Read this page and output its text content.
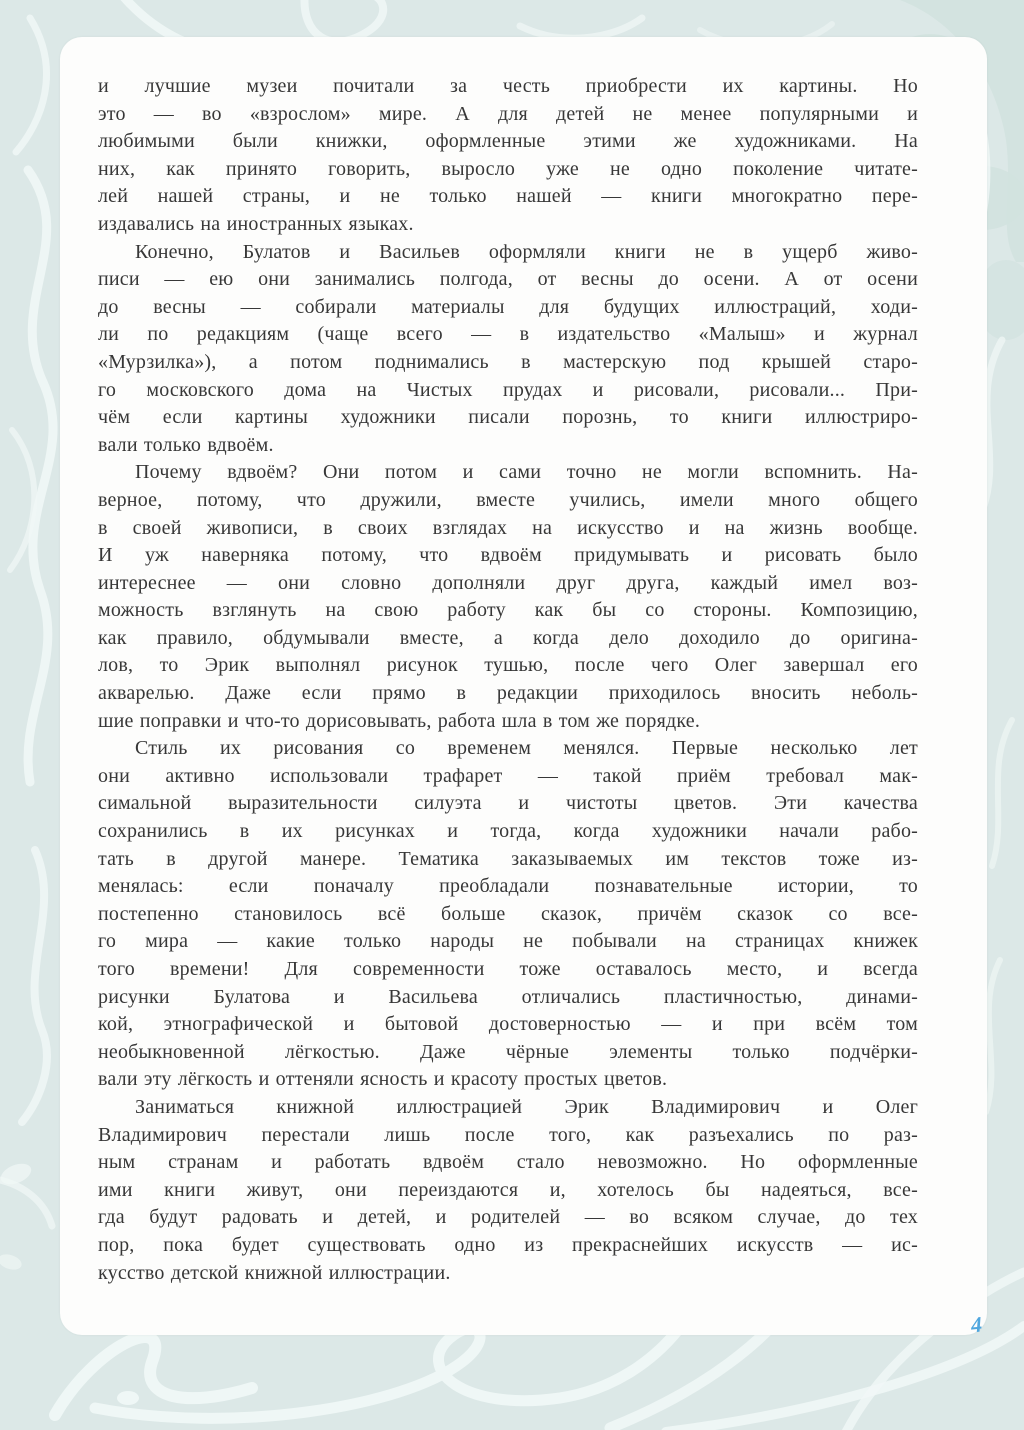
и лучшие музеи почитали за честь приобрести их картины. Но
это — во «взрослом» мире. А для детей не менее популярными и
любимыми были книжки, оформленные этими же художниками. На
них, как принято говорить, выросло уже не одно поколение читате-
лей нашей страны, и не только нашей — книги многократно пере-
издавались на иностранных языках.
Конечно, Булатов и Васильев оформляли книги не в ущерб живо-
писи — ею они занимались полгода, от весны до осени. А от осени
до весны — собирали материалы для будущих иллюстраций, ходи-
ли по редакциям (чаще всего — в издательство «Малыш» и журнал
«Мурзилка»), а потом поднимались в мастерскую под крышей старо-
го московского дома на Чистых прудах и рисовали, рисовали... При-
чём если картины художники писали порознь, то книги иллюстриро-
вали только вдвоём.
Почему вдвоём? Они потом и сами точно не могли вспомнить. На-
верное, потому, что дружили, вместе учились, имели много общего
в своей живописи, в своих взглядах на искусство и на жизнь вообще.
И уж наверняка потому, что вдвоём придумывать и рисовать было
интереснее — они словно дополняли друг друга, каждый имел воз-
можность взглянуть на свою работу как бы со стороны. Композицию,
как правило, обдумывали вместе, а когда дело доходило до оригина-
лов, то Эрик выполнял рисунок тушью, после чего Олег завершал его
акварелью. Даже если прямо в редакции приходилось вносить неболь-
шие поправки и что-то дорисовывать, работа шла в том же порядке.
Стиль их рисования со временем менялся. Первые несколько лет
они активно использовали трафарет — такой приём требовал мак-
симальной выразительности силуэта и чистоты цветов. Эти качества
сохранились в их рисунках и тогда, когда художники начали рабо-
тать в другой манере. Тематика заказываемых им текстов тоже из-
менялась: если поначалу преобладали познавательные истории, то
постепенно становилось всё больше сказок, причём сказок со все-
го мира — какие только народы не побывали на страницах книжек
того времени! Для современности тоже оставалось место, и всегда
рисунки Булатова и Васильева отличались пластичностью, динами-
кой, этнографической и бытовой достоверностью — и при всём том
необыкновенной лёгкостью. Даже чёрные элементы только подчёрки-
вали эту лёгкость и оттеняли ясность и красоту простых цветов.
Заниматься книжной иллюстрацией Эрик Владимирович и Олег
Владимирович перестали лишь после того, как разъехались по раз-
ным странам и работать вдвоём стало невозможно. Но оформленные
ими книги живут, они переиздаются и, хотелось бы надеяться, все-
гда будут радовать и детей, и родителей — во всяком случае, до тех
пор, пока будет существовать одно из прекраснейших искусств — ис-
кусство детской книжной иллюстрации.
4
